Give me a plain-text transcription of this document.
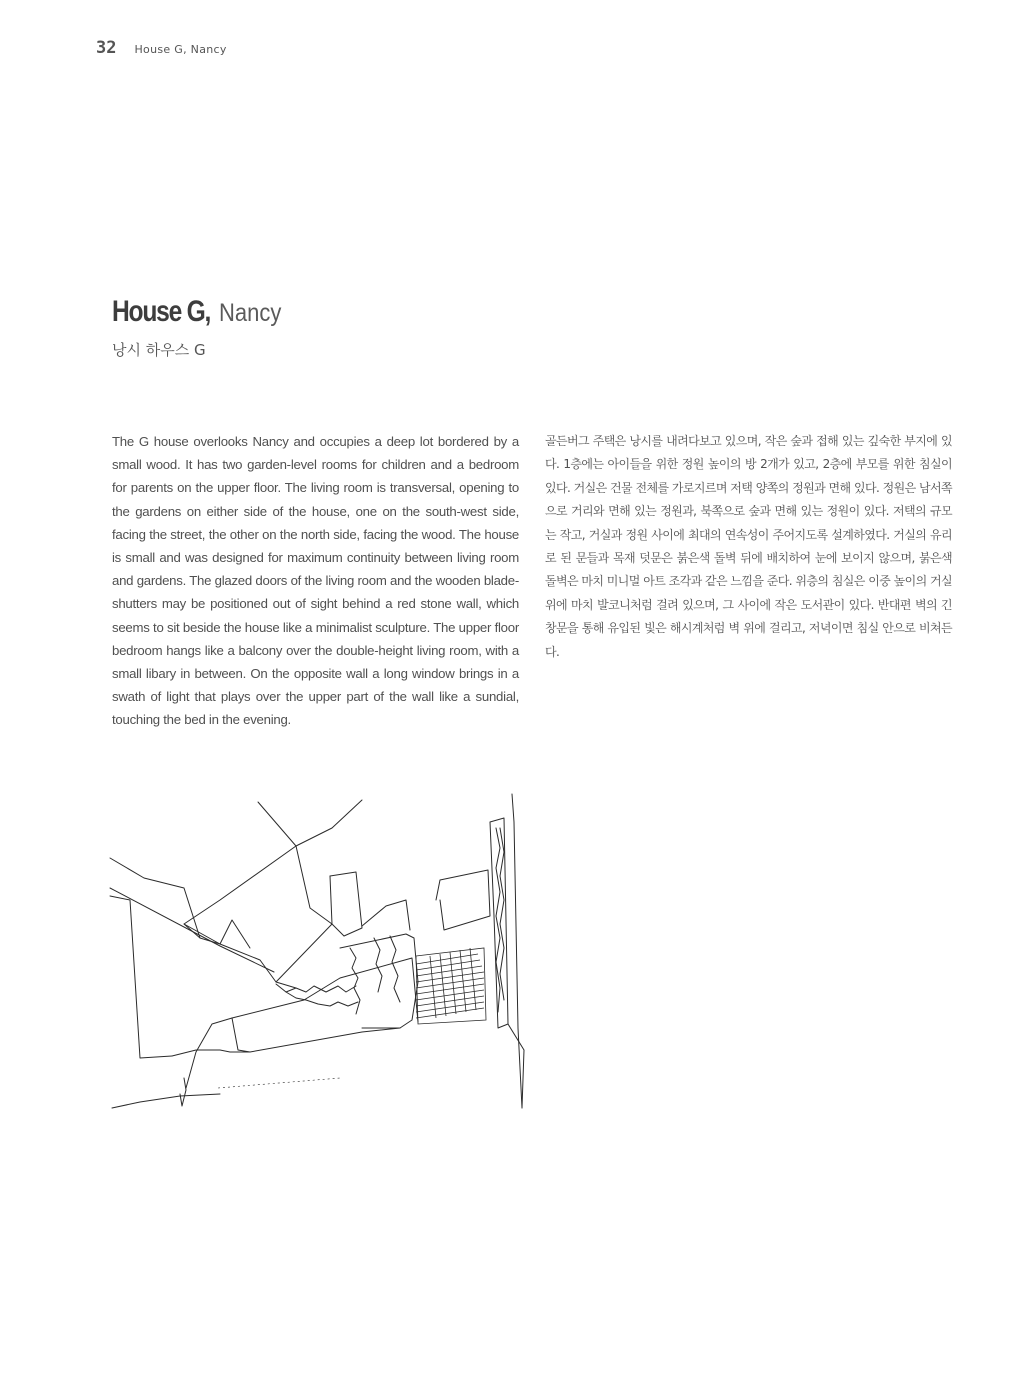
32 House G, Nancy
House G, Nancy
낭시 하우스 G

The G house overlooks Nancy and occupies a deep lot bordered by a small wood. It has two garden-level rooms for children and a bedroom for parents on the upper floor. The living room is transversal, opening to the gardens on either side of the house, one on the south-west side, facing the street, the other on the north side, facing the wood. The house is small and was designed for maximum continuity between living room and gardens. The glazed doors of the living room and the wooden blade-shutters may be positioned out of sight behind a red stone wall, which seems to sit beside the house like a minimalist sculpture. The upper floor bedroom hangs like a balcony over the double-height living room, with a small libary in between. On the opposite wall a long window brings in a swath of light that plays over the upper part of the wall like a sundial, touching the bed in the evening.

골든버그 주택은 낭시를 내려다보고 있으며, 작은 숲과 접해 있는 깊숙한 부지에 있다. 1층에는 아이들을 위한 정원 높이의 방 2개가 있고, 2층에 부모를 위한 침실이 있다. 거실은 건물 전체를 가로지르며 저택 양쪽의 정원과 면해 있다. 정원은 남서쪽으로 거리와 면해 있는 정원과, 북쪽으로 숲과 면해 있는 정원이 있다. 저택의 규모는 작고, 거실과 정원 사이에 최대의 연속성이 주어지도록 설계하였다. 거실의 유리로 된 문들과 목재 덧문은 붉은색 돌벽 뒤에 배치하여 눈에 보이지 않으며, 붉은색 돌벽은 마치 미니멀 아트 조각과 같은 느낌을 준다. 위층의 침실은 이중 높이의 거실 위에 마치 발코니처럼 걸려 있으며, 그 사이에 작은 도서관이 있다. 반대편 벽의 긴 창문을 통해 유입된 빛은 해시계처럼 벽 위에 걸리고, 저녁이면 침실 안으로 비쳐든다.
